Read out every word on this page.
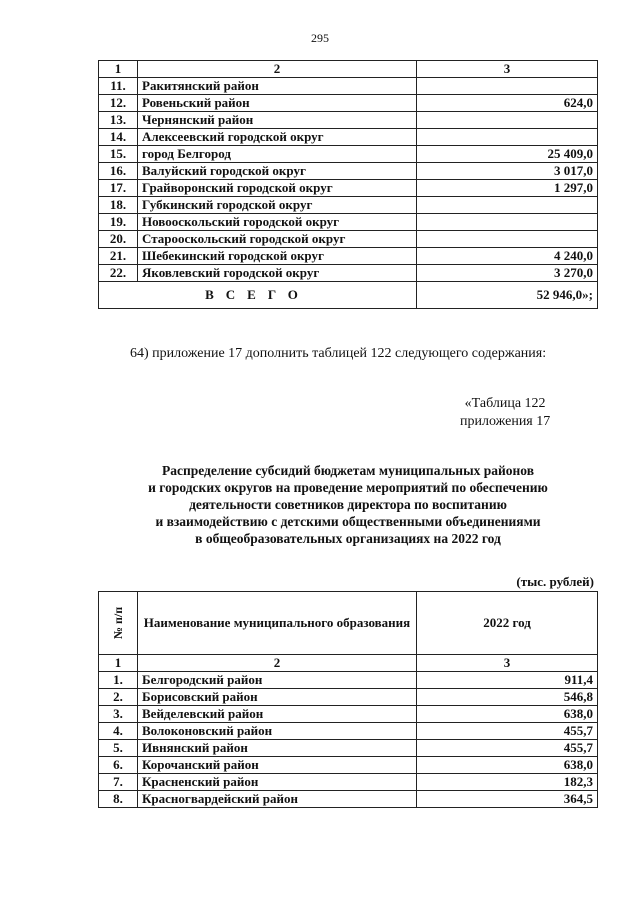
295
1	2	3
11.	Ракитянский район	
12.	Ровеньский район	624,0
13.	Чернянский район	
14.	Алексеевский городской округ	
15.	город Белгород	25 409,0
16.	Валуйский городской округ	3 017,0
17.	Грайворонский городской округ	1 297,0
18.	Губкинский городской округ	
19.	Новооскольский городской округ	
20.	Старооскольский городской округ	
21.	Шебекинский городской округ	4 240,0
22.	Яковлевский городской округ	3 270,0
ВСЕГО		52 946,0»;
64) приложение 17 дополнить таблицей 122 следующего содержания:
«Таблица 122
приложения 17
Распределение субсидий бюджетам муниципальных районов
и городских округов на проведение мероприятий по обеспечению
деятельности советников директора по воспитанию
и взаимодействию с детскими общественными объединениями
в общеобразовательных организациях на 2022 год
(тыс. рублей)
№ п/п	Наименование муниципального образования	2022 год
1	2	3
1.	Белгородский район	911,4
2.	Борисовский район	546,8
3.	Вейделевский район	638,0
4.	Волоконовский район	455,7
5.	Ивнянский район	455,7
6.	Корочанский район	638,0
7.	Красненский район	182,3
8.	Красногвардейский район	364,5
